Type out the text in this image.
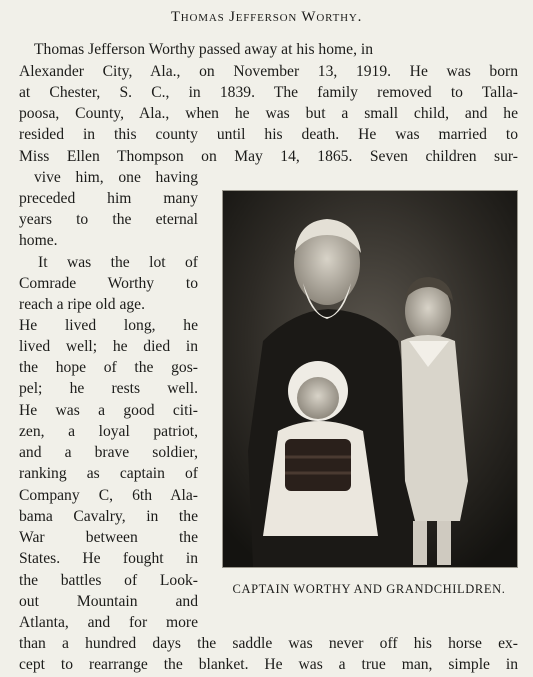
Thomas Jefferson Worthy.
Thomas Jefferson Worthy passed away at his home, in
Alexander City, Ala., on November 13, 1919. He was born
at Chester, S. C., in 1839. The family removed to Talla-
poosa, County, Ala., when he was but a small child, and he
resided in this county until his death. He was married to
Miss Ellen Thompson on May 14, 1865. Seven children sur-
vive him, one having
preceded him many
years to the eternal
home.
It was the lot of
Comrade Worthy to
reach a ripe old age.
He lived long, he
lived well; he died in
the hope of the gos-
pel; he rests well.
He was a good citi-
zen, a loyal patriot,
and a brave soldier,
ranking as captain of
Company C, 6th Ala-
bama Cavalry, in the
War between the
States. He fought in
the battles of Look-
out Mountain and
Atlanta, and for more
CAPTAIN WORTHY AND GRANDCHILDREN.
than a hundred days the saddle was never off his horse ex-
cept to rearrange the blanket. He was a true man, simple in
